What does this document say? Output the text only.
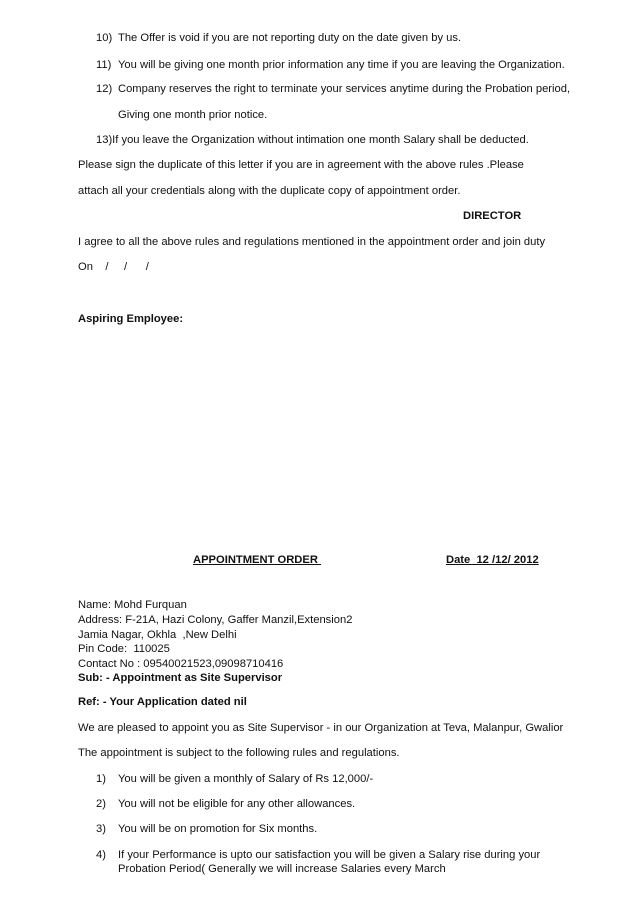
10) The Offer is void if you are not reporting duty on the date given by us.
11) You will be giving one month prior information any time if you are leaving the Organization.
12) Company reserves the right to terminate your services anytime during the Probation period,
Giving one month prior notice.
13)If you leave the Organization without intimation one month Salary shall be deducted.
Please sign the duplicate of this letter if you are in agreement with the above rules .Please
attach all your credentials along with the duplicate copy of appointment order.
DIRECTOR
I agree to all the above rules and regulations mentioned in the appointment order and join duty
On    /     /      /
Aspiring Employee:
APPOINTMENT ORDER	Date  12 /12/ 2012
Name: Mohd Furquan
Address: F-21A, Hazi Colony, Gaffer Manzil,Extension2
Jamia Nagar, Okhla  ,New Delhi
Pin Code:  110025
Contact No : 09540021523,09098710416
Sub: - Appointment as Site Supervisor
Ref: - Your Application dated nil
We are pleased to appoint you as Site Supervisor - in our Organization at Teva, Malanpur, Gwalior
The appointment is subject to the following rules and regulations.
1) You will be given a monthly of Salary of Rs 12,000/-
2) You will not be eligible for any other allowances.
3) You will be on promotion for Six months.
4) If your Performance is upto our satisfaction you will be given a Salary rise during your
Probation Period( Generally we will increase Salaries every March
